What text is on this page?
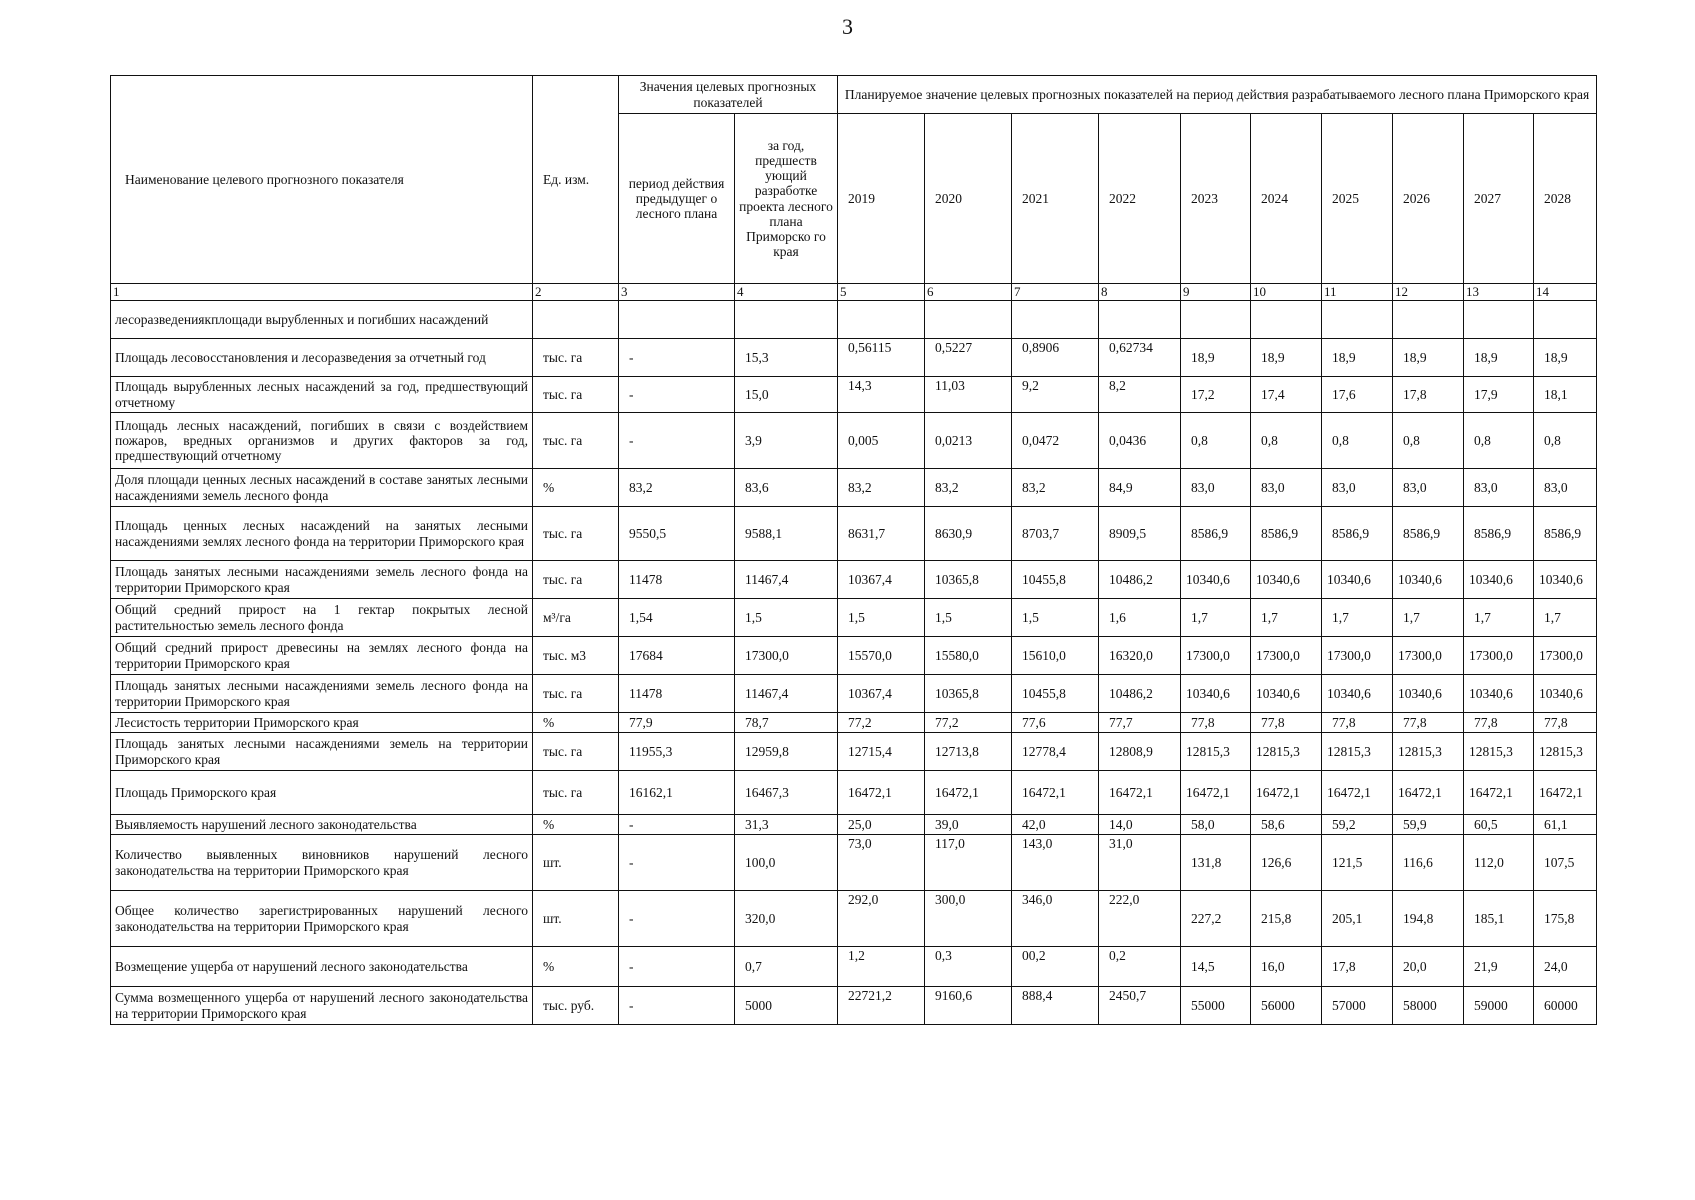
3
Наименование целевого прогнозного показателя	Ед. изм.	Значения целевых прогнозных показателей		Планируемое значение целевых прогнозных показателей на период действия разрабатываемого лесного плана Приморского края									
		период действия предыдущег о лесного плана	за год, предшеств ующий разработке проекта лесного плана Приморско го края	2019	2020	2021	2022	2023	2024	2025	2026	2027	2028
1	2	3	4	5	6	7	8	9	10	11	12	13	14
лесоразведениякплощади вырубленных и погибших насаждений													
Площадь лесовосстановления и лесоразведения за отчетный год	тыс. га	-	15,3	0,56115	0,5227	0,8906	0,62734	18,9	18,9	18,9	18,9	18,9	18,9
Площадь вырубленных лесных насаждений за год, предшествующий отчетному	тыс. га	-	15,0	14,3	11,03	9,2	8,2	17,2	17,4	17,6	17,8	17,9	18,1
Площадь лесных насаждений, погибших в связи с воздействием пожаров, вредных организмов и других факторов за год, предшествующий отчетному	тыс. га	-	3,9	0,005	0,0213	0,0472	0,0436	0,8	0,8	0,8	0,8	0,8	0,8
Доля площади ценных лесных насаждений в составе занятых лесными насаждениями земель лесного фонда	%	83,2	83,6	83,2	83,2	83,2	84,9	83,0	83,0	83,0	83,0	83,0	83,0
Площадь ценных лесных насаждений на занятых лесными насаждениями землях лесного фонда на территории Приморского края	тыс. га	9550,5	9588,1	8631,7	8630,9	8703,7	8909,5	8586,9	8586,9	8586,9	8586,9	8586,9	8586,9
Площадь занятых лесными насаждениями земель лесного фонда на территории Приморского края	тыс. га	11478	11467,4	10367,4	10365,8	10455,8	10486,2	10340,6	10340,6	10340,6	10340,6	10340,6	10340,6
Общий средний прирост на 1 гектар покрытых лесной растительностью земель лесного фонда	м³/га	1,54	1,5	1,5	1,5	1,5	1,6	1,7	1,7	1,7	1,7	1,7	1,7
Общий средний прирост древесины на землях лесного фонда на территории Приморского края	тыс. м3	17684	17300,0	15570,0	15580,0	15610,0	16320,0	17300,0	17300,0	17300,0	17300,0	17300,0	17300,0
Площадь занятых лесными насаждениями земель лесного фонда на территории Приморского края	тыс. га	11478	11467,4	10367,4	10365,8	10455,8	10486,2	10340,6	10340,6	10340,6	10340,6	10340,6	10340,6
Лесистость территории Приморского края	%	77,9	78,7	77,2	77,2	77,6	77,7	77,8	77,8	77,8	77,8	77,8	77,8
Площадь занятых лесными насаждениями земель на территории Приморского края	тыс. га	11955,3	12959,8	12715,4	12713,8	12778,4	12808,9	12815,3	12815,3	12815,3	12815,3	12815,3	12815,3
Площадь Приморского края	тыс. га	16162,1	16467,3	16472,1	16472,1	16472,1	16472,1	16472,1	16472,1	16472,1	16472,1	16472,1	16472,1
Выявляемость нарушений лесного законодательства	%	-	31,3	25,0	39,0	42,0	14,0	58,0	58,6	59,2	59,9	60,5	61,1
Количество выявленных виновников нарушений лесного законодательства на территории Приморского края	шт.	-	100,0	73,0	117,0	143,0	31,0	131,8	126,6	121,5	116,6	112,0	107,5
Общее количество зарегистрированных нарушений лесного законодательства на территории Приморского края	шт.	-	320,0	292,0	300,0	346,0	222,0	227,2	215,8	205,1	194,8	185,1	175,8
Возмещение ущерба от нарушений лесного законодательства	%	-	0,7	1,2	0,3	00,2	0,2	14,5	16,0	17,8	20,0	21,9	24,0
Сумма возмещенного ущерба от нарушений лесного законодательства на территории Приморского края	тыс. руб.	-	5000	22721,2	9160,6	888,4	2450,7	55000	56000	57000	58000	59000	60000
